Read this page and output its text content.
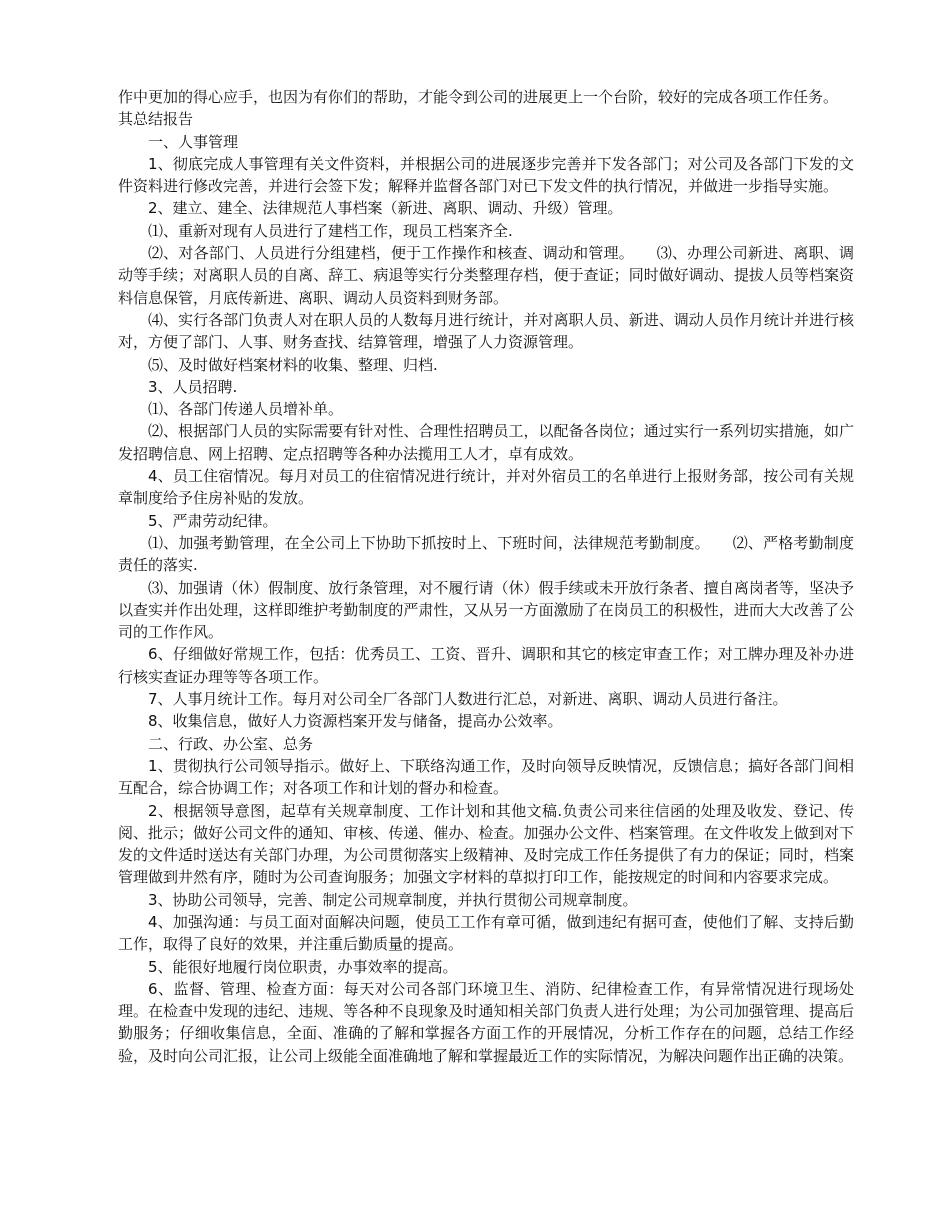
作中更加的得心应手，也因为有你们的帮助，才能令到公司的进展更上一个台阶，较好的完成各项工作任务。

其总结报告

一、人事管理

1、彻底完成人事管理有关文件资料，并根据公司的进展逐步完善并下发各部门；对公司及各部门下发的文件资料进行修改完善，并进行会签下发；解释并监督各部门对已下发文件的执行情况，并做进一步指导实施。

2、建立、建全、法律规范人事档案（新进、离职、调动、升级）管理。

⑴、重新对现有人员进行了建档工作，现员工档案齐全.

⑵、对各部门、人员进行分组建档，便于工作操作和核查、调动和管理。　　⑶、办理公司新进、离职、调动等手续；对离职人员的自离、辞工、病退等实行分类整理存档，便于查证；同时做好调动、提拔人员等档案资料信息保管，月底传新进、离职、调动人员资料到财务部。

⑷、实行各部门负责人对在职人员的人数每月进行统计，并对离职人员、新进、调动人员作月统计并进行核对，方便了部门、人事、财务查找、结算管理，增强了人力资源管理。

⑸、及时做好档案材料的收集、整理、归档.

3、人员招聘.

⑴、各部门传递人员增补单。

⑵、根据部门人员的实际需要有针对性、合理性招聘员工，以配备各岗位；通过实行一系列切实措施，如广发招聘信息、网上招聘、定点招聘等各种办法揽用工人才，卓有成效。

4、员工住宿情况。每月对员工的住宿情况进行统计，并对外宿员工的名单进行上报财务部，按公司有关规章制度给予住房补贴的发放。

5、严肃劳动纪律。

⑴、加强考勤管理，在全公司上下协助下抓按时上、下班时间，法律规范考勤制度。　　⑵、严格考勤制度责任的落实.

⑶、加强请（休）假制度、放行条管理，对不履行请（休）假手续或未开放行条者、擅自离岗者等，坚决予以查实并作出处理，这样即维护考勤制度的严肃性，又从另一方面激励了在岗员工的积极性，进而大大改善了公司的工作作风。

6、仔细做好常规工作，包括：优秀员工、工资、晋升、调职和其它的核定审查工作；对工牌办理及补办进行核实查证办理等等各项工作。

7、人事月统计工作。每月对公司全厂各部门人数进行汇总，对新进、离职、调动人员进行备注。

8、收集信息，做好人力资源档案开发与储备，提高办公效率。

二、行政、办公室、总务

1、贯彻执行公司领导指示。做好上、下联络沟通工作，及时向领导反映情况，反馈信息；搞好各部门间相互配合，综合协调工作；对各项工作和计划的督办和检查。

2、根据领导意图，起草有关规章制度、工作计划和其他文稿.负责公司来往信函的处理及收发、登记、传阅、批示；做好公司文件的通知、审核、传递、催办、检查。加强办公文件、档案管理。在文件收发上做到对下发的文件适时送达有关部门办理，为公司贯彻落实上级精神、及时完成工作任务提供了有力的保证；同时，档案管理做到井然有序，随时为公司查询服务；加强文字材料的草拟打印工作，能按规定的时间和内容要求完成。

3、协助公司领导，完善、制定公司规章制度，并执行贯彻公司规章制度。

4、加强沟通：与员工面对面解决问题，使员工工作有章可循，做到违纪有据可查，使他们了解、支持后勤工作，取得了良好的效果，并注重后勤质量的提高。

5、能很好地履行岗位职责，办事效率的提高。

6、监督、管理、检查方面：每天对公司各部门环境卫生、消防、纪律检查工作，有异常情况进行现场处理。在检查中发现的违纪、违规、等各种不良现象及时通知相关部门负责人进行处理；为公司加强管理、提高后勤服务；仔细收集信息，全面、准确的了解和掌握各方面工作的开展情况，分析工作存在的问题，总结工作经验，及时向公司汇报，让公司上级能全面准确地了解和掌握最近工作的实际情况，为解决问题作出正确的决策。
